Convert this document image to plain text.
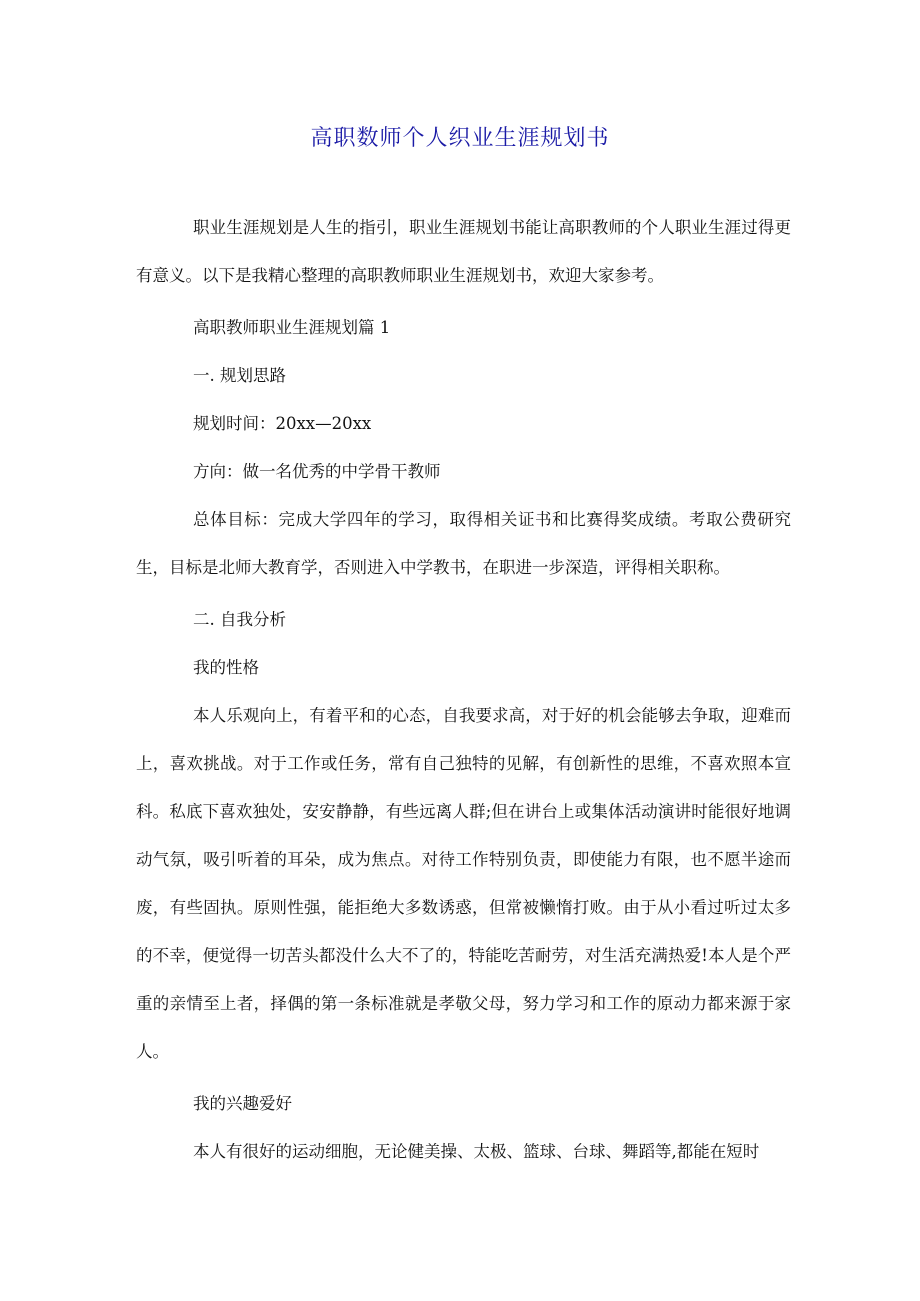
高职数师个人织业生涯规划书

职业生涯规划是人生的指引，职业生涯规划书能让高职教师的个人职业生涯过得更有意义。以下是我精心整理的高职教师职业生涯规划书，欢迎大家参考。

高职教师职业生涯规划篇 1

一. 规划思路

规划时间：20xx—20xx

方向：做一名优秀的中学骨干教师

总体目标：完成大学四年的学习，取得相关证书和比赛得奖成绩。考取公费研究生，目标是北师大教育学，否则进入中学教书，在职进一步深造，评得相关职称。

二. 自我分析

我的性格

本人乐观向上，有着平和的心态，自我要求高，对于好的机会能够去争取，迎难而上，喜欢挑战。对于工作或任务，常有自己独特的见解，有创新性的思维，不喜欢照本宣科。私底下喜欢独处，安安静静，有些远离人群;但在讲台上或集体活动演讲时能很好地调动气氛，吸引听着的耳朵，成为焦点。对待工作特别负责，即使能力有限，也不愿半途而废，有些固执。原则性强，能拒绝大多数诱惑，但常被懒惰打败。由于从小看过听过太多的不幸，便觉得一切苦头都没什么大不了的，特能吃苦耐劳，对生活充满热爱!本人是个严重的亲情至上者，择偶的第一条标准就是孝敬父母，努力学习和工作的原动力都来源于家人。

我的兴趣爱好

本人有很好的运动细胞，无论健美操、太极、篮球、台球、舞蹈等,都能在短时
